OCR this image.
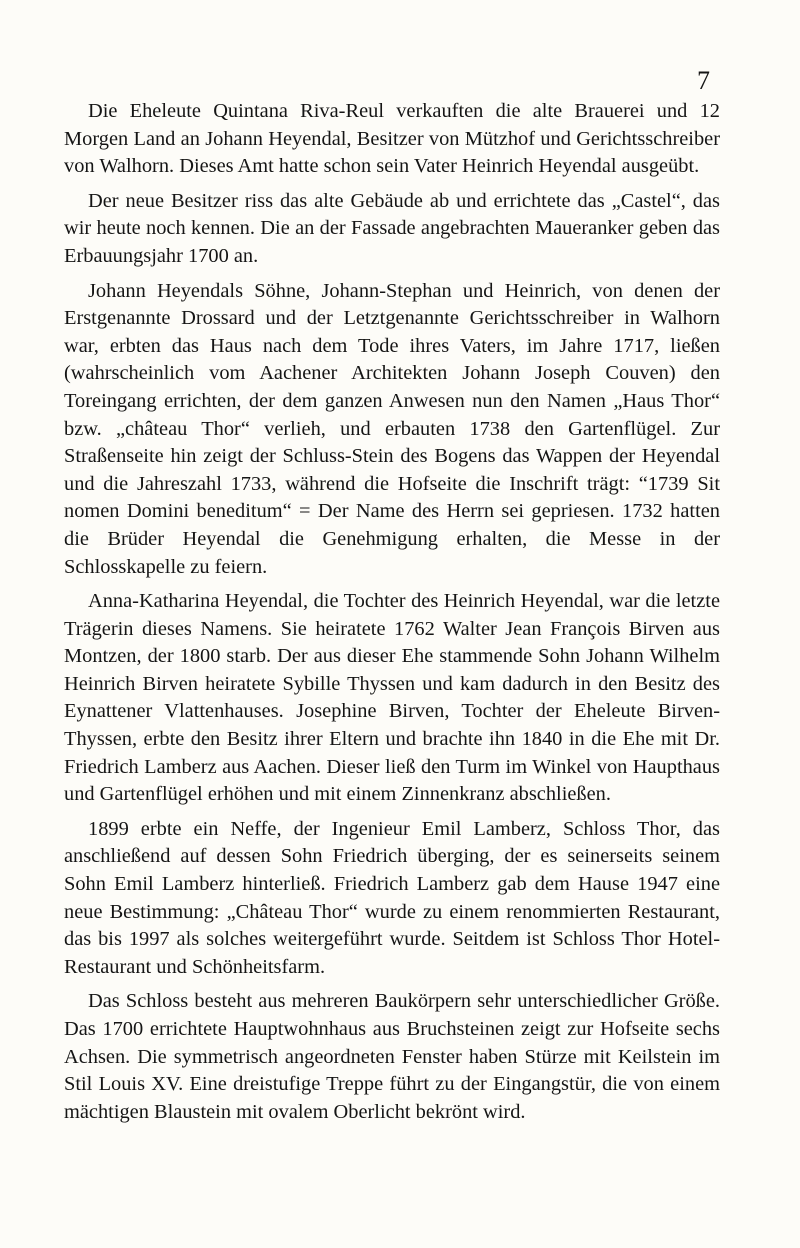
7

Die Eheleute Quintana Riva-Reul verkauften die alte Brauerei und 12 Morgen Land an Johann Heyendal, Besitzer von Mützhof und Gerichtsschreiber von Walhorn. Dieses Amt hatte schon sein Vater Heinrich Heyendal ausgeübt.

Der neue Besitzer riss das alte Gebäude ab und errichtete das „Castel“, das wir heute noch kennen. Die an der Fassade angebrachten Maueranker geben das Erbauungsjahr 1700 an.

Johann Heyendals Söhne, Johann-Stephan und Heinrich, von denen der Erstgenannte Drossard und der Letztgenannte Gerichtsschreiber in Walhorn war, erbten das Haus nach dem Tode ihres Vaters, im Jahre 1717, ließen (wahrscheinlich vom Aachener Architekten Johann Joseph Couven) den Toreingang errichten, der dem ganzen Anwesen nun den Namen „Haus Thor“ bzw. „château Thor“ verlieh, und erbauten 1738 den Gartenflügel. Zur Straßenseite hin zeigt der Schluss-Stein des Bogens das Wappen der Heyendal und die Jahreszahl 1733, während die Hofseite die Inschrift trägt: “1739 Sit nomen Domini beneditum“ = Der Name des Herrn sei gepriesen. 1732 hatten die Brüder Heyendal die Genehmigung erhalten, die Messe in der Schlosskapelle zu feiern.

Anna-Katharina Heyendal, die Tochter des Heinrich Heyendal, war die letzte Trägerin dieses Namens. Sie heiratete 1762 Walter Jean François Birven aus Montzen, der 1800 starb. Der aus dieser Ehe stammende Sohn Johann Wilhelm Heinrich Birven heiratete Sybille Thyssen und kam dadurch in den Besitz des Eynattener Vlattenhauses. Josephine Birven, Tochter der Eheleute Birven-Thyssen, erbte den Besitz ihrer Eltern und brachte ihn 1840 in die Ehe mit Dr. Friedrich Lamberz aus Aachen. Dieser ließ den Turm im Winkel von Haupthaus und Gartenflügel erhöhen und mit einem Zinnenkranz abschließen.

1899 erbte ein Neffe, der Ingenieur Emil Lamberz, Schloss Thor, das anschließend auf dessen Sohn Friedrich überging, der es seinerseits seinem Sohn Emil Lamberz hinterließ. Friedrich Lamberz gab dem Hause 1947 eine neue Bestimmung: „Château Thor“ wurde zu einem renommierten Restaurant, das bis 1997 als solches weitergeführt wurde. Seitdem ist Schloss Thor Hotel-Restaurant und Schönheitsfarm.

Das Schloss besteht aus mehreren Baukörpern sehr unterschiedlicher Größe. Das 1700 errichtete Hauptwohnhaus aus Bruchsteinen zeigt zur Hofseite sechs Achsen. Die symmetrisch angeordneten Fenster haben Stürze mit Keilstein im Stil Louis XV. Eine dreistufige Treppe führt zu der Eingangstür, die von einem mächtigen Blaustein mit ovalem Oberlicht bekrönt wird.
